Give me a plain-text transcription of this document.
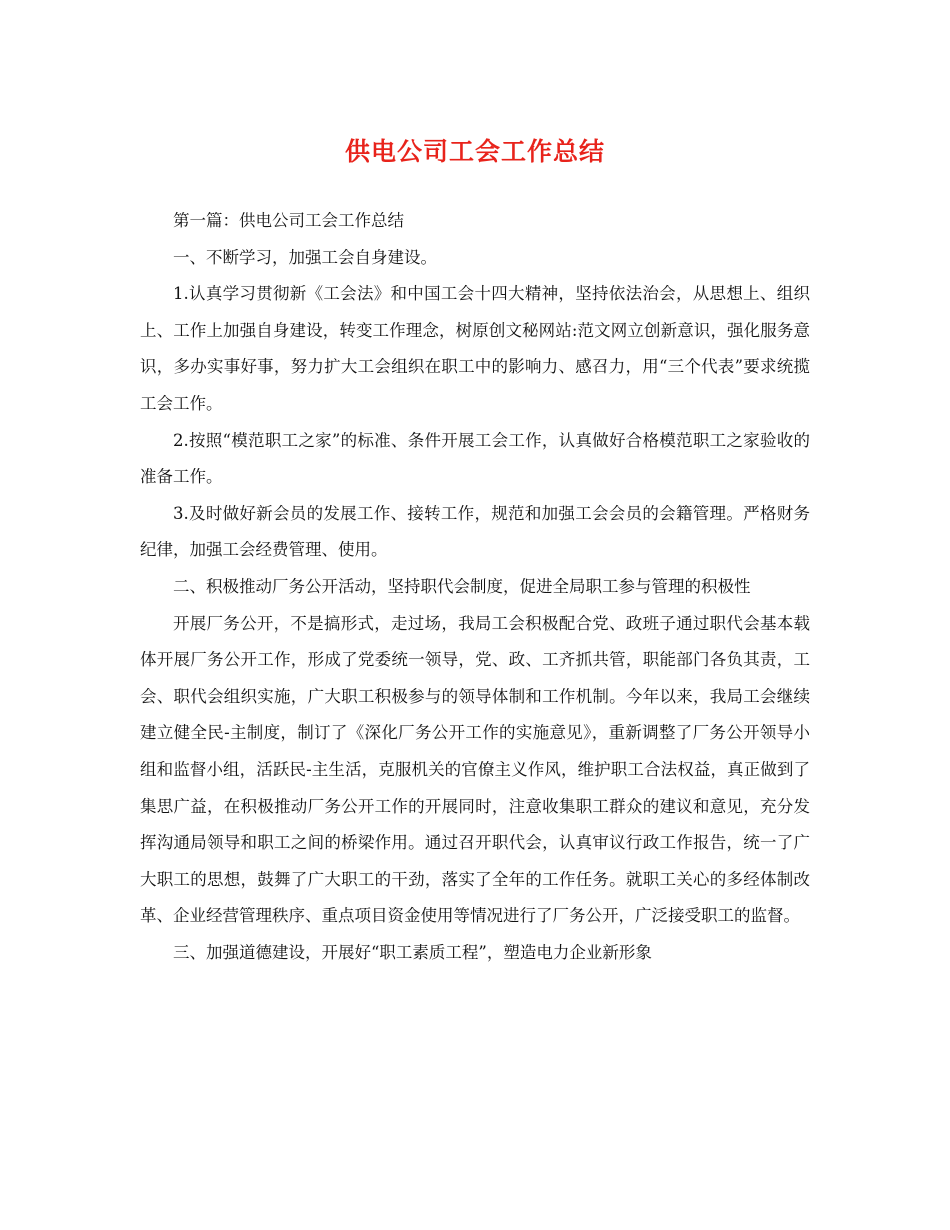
供电公司工会工作总结

第一篇：供电公司工会工作总结

一、不断学习，加强工会自身建设。

1.认真学习贯彻新《工会法》和中国工会十四大精神，坚持依法治会，从思想上、组织上、工作上加强自身建设，转变工作理念，树原创文秘网站:范文网立创新意识，强化服务意识，多办实事好事，努力扩大工会组织在职工中的影响力、感召力，用“三个代表”要求统揽工会工作。

2.按照“模范职工之家”的标准、条件开展工会工作，认真做好合格模范职工之家验收的准备工作。

3.及时做好新会员的发展工作、接转工作，规范和加强工会会员的会籍管理。严格财务纪律，加强工会经费管理、使用。

二、积极推动厂务公开活动，坚持职代会制度，促进全局职工参与管理的积极性

开展厂务公开，不是搞形式，走过场，我局工会积极配合党、政班子通过职代会基本载体开展厂务公开工作，形成了党委统一领导，党、政、工齐抓共管，职能部门各负其责，工会、职代会组织实施，广大职工积极参与的领导体制和工作机制。今年以来，我局工会继续建立健全民-主制度，制订了《深化厂务公开工作的实施意见》，重新调整了厂务公开领导小组和监督小组，活跃民-主生活，克服机关的官僚主义作风，维护职工合法权益，真正做到了集思广益，在积极推动厂务公开工作的开展同时，注意收集职工群众的建议和意见，充分发挥沟通局领导和职工之间的桥梁作用。通过召开职代会，认真审议行政工作报告，统一了广大职工的思想，鼓舞了广大职工的干劲，落实了全年的工作任务。就职工关心的多经体制改革、企业经营管理秩序、重点项目资金使用等情况进行了厂务公开，广泛接受职工的监督。

三、加强道德建设，开展好“职工素质工程”，塑造电力企业新形象
